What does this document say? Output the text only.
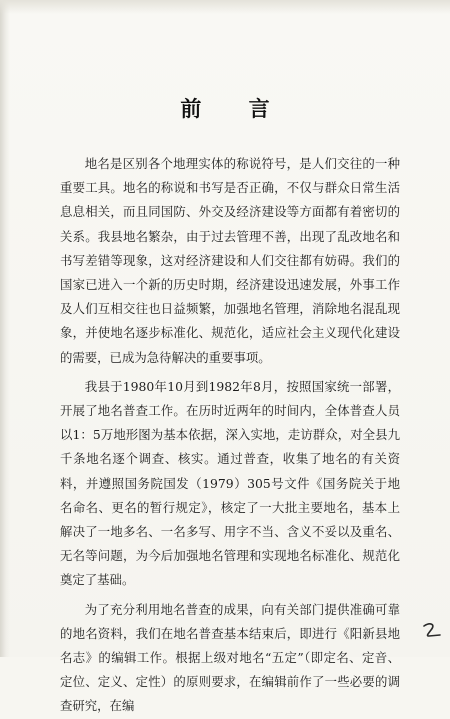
前 言

地名是区别各个地理实体的称说符号，是人们交往的一种重要工具。地名的称说和书写是否正确，不仅与群众日常生活息息相关，而且同国防、外交及经济建设等方面都有着密切的关系。我县地名繁杂，由于过去管理不善，出现了乱改地名和书写差错等现象，这对经济建设和人们交往都有妨碍。我们的国家已进入一个新的历史时期，经济建设迅速发展，外事工作及人们互相交往也日益频繁，加强地名管理，消除地名混乱现象，并使地名逐步标准化、规范化，适应社会主义现代化建设的需要，已成为急待解决的重要事项。

我县于1980年10月到1982年8月，按照国家统一部署，开展了地名普查工作。在历时近两年的时间内，全体普查人员以1：5万地形图为基本依据，深入实地，走访群众，对全县九千条地名逐个调查、核实。通过普查，收集了地名的有关资料，并遵照国务院国发（1979）305号文件《国务院关于地名命名、更名的暂行规定》，核定了一大批主要地名，基本上解决了一地多名、一名多写、用字不当、含义不妥以及重名、无名等问题，为今后加强地名管理和实现地名标准化、规范化奠定了基础。

为了充分利用地名普查的成果，向有关部门提供准确可靠的地名资料，我们在地名普查基本结束后，即进行《阳新县地名志》的编辑工作。根据上级对地名“五定”（即定名、定音、定位、定义、定性）的原则要求，在编辑前作了一些必要的调查研究，在编
